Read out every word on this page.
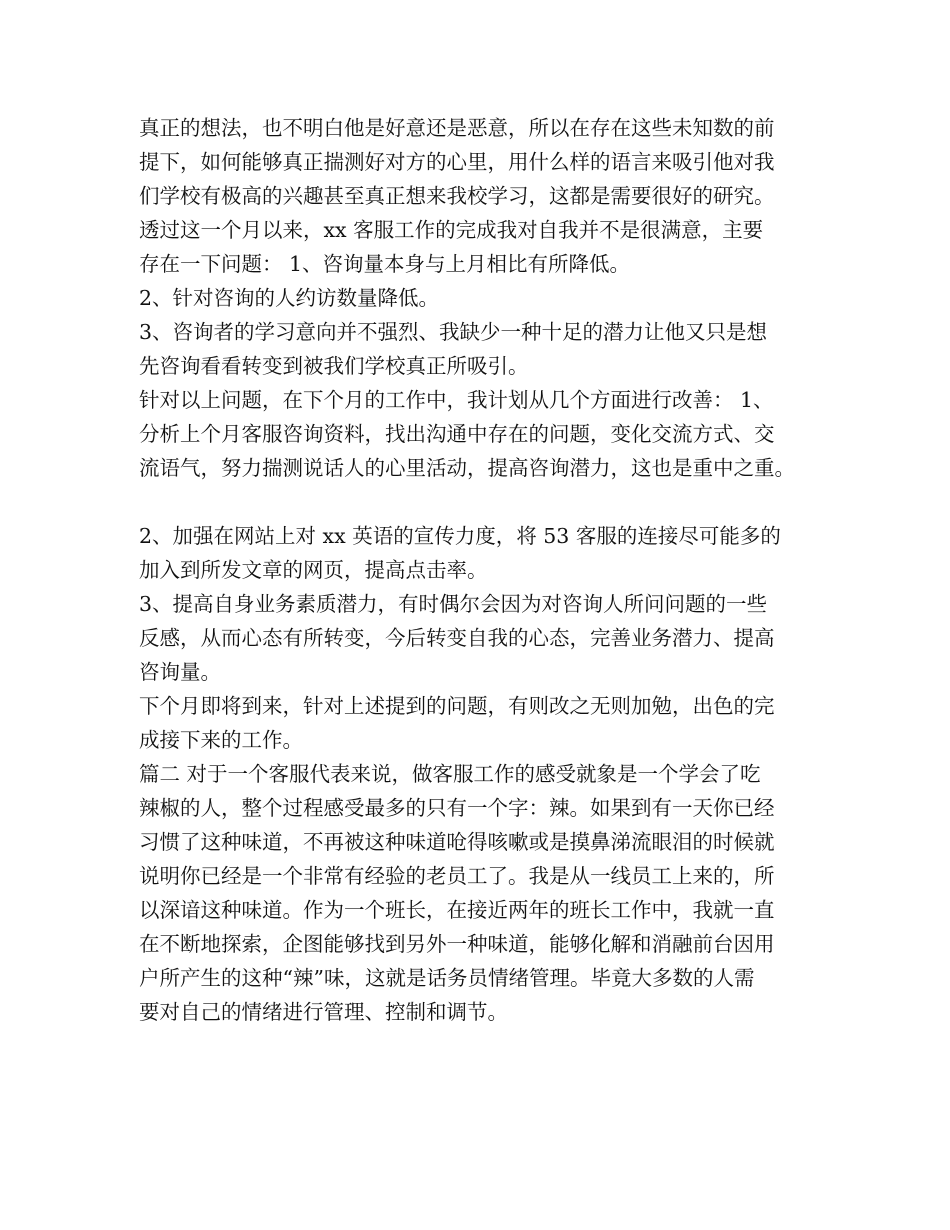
真正的想法，也不明白他是好意还是恶意，所以在存在这些未知数的前
提下，如何能够真正揣测好对方的心里，用什么样的语言来吸引他对我
们学校有极高的兴趣甚至真正想来我校学习，这都是需要很好的研究。
透过这一个月以来，xx 客服工作的完成我对自我并不是很满意，主要
存在一下问题： 1、咨询量本身与上月相比有所降低。
2、针对咨询的人约访数量降低。
3、咨询者的学习意向并不强烈、我缺少一种十足的潜力让他又只是想
先咨询看看转变到被我们学校真正所吸引。
针对以上问题，在下个月的工作中，我计划从几个方面进行改善： 1、
分析上个月客服咨询资料，找出沟通中存在的问题，变化交流方式、交
流语气，努力揣测说话人的心里活动，提高咨询潜力，这也是重中之重。
2、加强在网站上对 xx 英语的宣传力度，将 53 客服的连接尽可能多的
加入到所发文章的网页，提高点击率。
3、提高自身业务素质潜力，有时偶尔会因为对咨询人所问问题的一些
反感，从而心态有所转变，今后转变自我的心态，完善业务潜力、提高
咨询量。
下个月即将到来，针对上述提到的问题，有则改之无则加勉，出色的完
成接下来的工作。
篇二 对于一个客服代表来说，做客服工作的感受就象是一个学会了吃
辣椒的人，整个过程感受最多的只有一个字：辣。如果到有一天你已经
习惯了这种味道，不再被这种味道呛得咳嗽或是摸鼻涕流眼泪的时候就
说明你已经是一个非常有经验的老员工了。我是从一线员工上来的，所
以深谙这种味道。作为一个班长，在接近两年的班长工作中，我就一直
在不断地探索，企图能够找到另外一种味道，能够化解和消融前台因用
户所产生的这种“辣”味，这就是话务员情绪管理。毕竟大多数的人需
要对自己的情绪进行管理、控制和调节。
